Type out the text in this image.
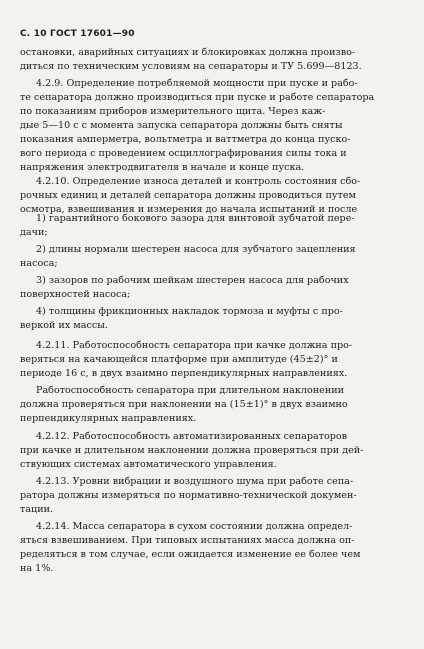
С. 10 ГОСТ 17601—90
остановки, аварийных ситуациях и блокировках должна произво-
диться по техническим условиям на сепараторы и ТУ 5.699—8123.
4.2.9. Определение потребляемой мощности при пуске и рабо-
те сепаратора должно производиться при пуске и работе сепаратора
по показаниям приборов измерительного щита. Через каж-
дые 5—10 с с момента запуска сепаратора должны быть сняты
показания амперметра, вольтметра и ваттметра до конца пуско-
вого периода с проведением осциллографирования силы тока и
напряжения электродвигателя в начале и конце пуска.
4.2.10. Определение износа деталей и контроль состояния сбо-
рочных единиц и деталей сепаратора должны проводиться путем
осмотра, взвешивания и измерения до начала испытаний и после
1) гарантийного бокового зазора для винтовой зубчатой пере-
дачи;
2) длины нормали шестерен насоса для зубчатого зацепления
насоса;
3) зазоров по рабочим шейкам шестерен насоса для рабочих
поверхностей насоса;
4) толщины фрикционных накладок тормоза и муфты с про-
веркой их массы.
4.2.11. Работоспособность сепаратора при качке должна про-
веряться на качающейся платформе при амплитуде (45±2)° и
периоде 16 с, в двух взаимно перпендикулярных направлениях.
Работоспособность сепаратора при длительном наклонении
должна проверяться при наклонении на (15±1)° в двух взаимно
перпендикулярных направлениях.
4.2.12. Работоспособность автоматизированных сепараторов
при качке и длительном наклонении должна проверяться при дей-
ствующих системах автоматического управления.
4.2.13. Уровни вибрации и воздушного шума при работе сепа-
ратора должны измеряться по нормативно-технической докумен-
тации.
4.2.14. Масса сепаратора в сухом состоянии должна определ-
яться взвешиванием. При типовых испытаниях масса должна оп-
ределяться в том случае, если ожидается изменение ее более чем
на 1%.
